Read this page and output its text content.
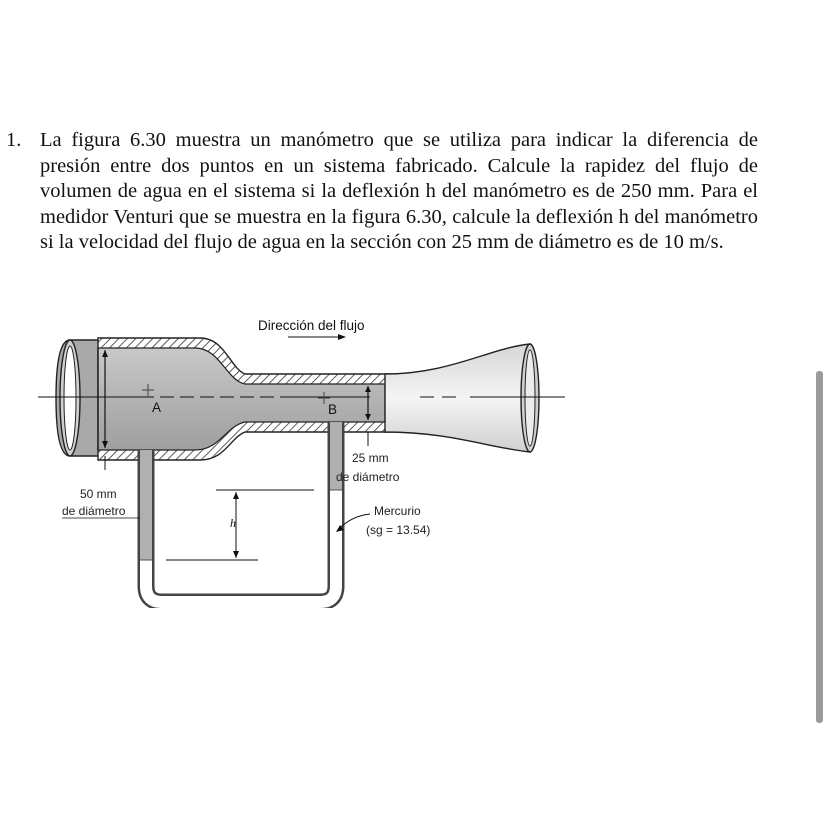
1. La figura 6.30 muestra un manómetro que se utiliza para indicar la diferencia de presión entre dos puntos en un sistema fabricado. Calcule la rapidez del flujo de volumen de agua en el sistema si la deflexión h del manómetro es de 250 mm. Para el medidor Venturi que se muestra en la figura 6.30, calcule la deflexión h del manómetro si la velocidad del flujo de agua en la sección con 25 mm de diámetro es de 10 m/s.
A	B
Dirección del flujo
h
25 mm
de diámetro
50 mm
de diámetro	Mercurio
(sg = 13.54)
